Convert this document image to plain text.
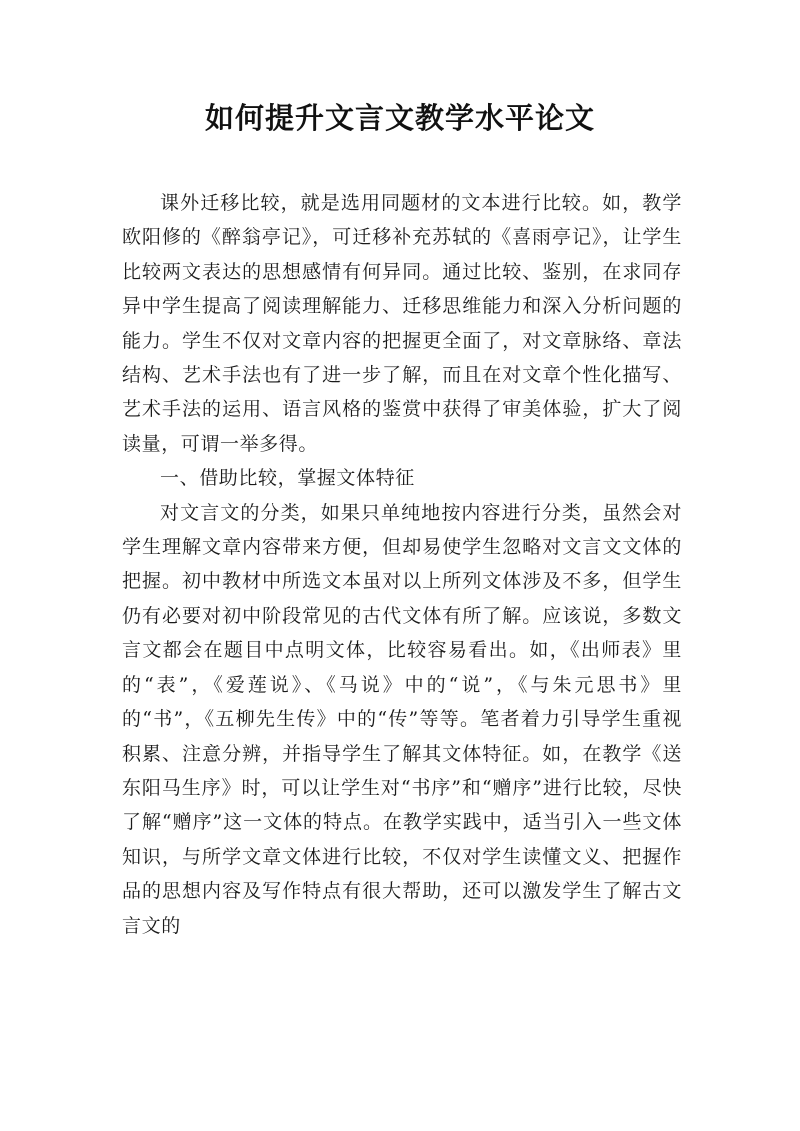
如何提升文言文教学水平论文

课外迁移比较，就是选用同题材的文本进行比较。如，教学欧阳修的《醉翁亭记》，可迁移补充苏轼的《喜雨亭记》，让学生比较两文表达的思想感情有何异同。通过比较、鉴别，在求同存异中学生提高了阅读理解能力、迁移思维能力和深入分析问题的能力。学生不仅对文章内容的把握更全面了，对文章脉络、章法结构、艺术手法也有了进一步了解，而且在对文章个性化描写、艺术手法的运用、语言风格的鉴赏中获得了审美体验，扩大了阅读量，可谓一举多得。

一、借助比较，掌握文体特征

对文言文的分类，如果只单纯地按内容进行分类，虽然会对学生理解文章内容带来方便，但却易使学生忽略对文言文文体的把握。初中教材中所选文本虽对以上所列文体涉及不多，但学生仍有必要对初中阶段常见的古代文体有所了解。应该说，多数文言文都会在题目中点明文体，比较容易看出。如，《出师表》里的“表”，《爱莲说》、《马说》中的“说”，《与朱元思书》里的“书”，《五柳先生传》中的“传”等等。笔者着力引导学生重视积累、注意分辨，并指导学生了解其文体特征。如，在教学《送东阳马生序》时，可以让学生对“书序”和“赠序”进行比较，尽快了解“赠序”这一文体的特点。在教学实践中，适当引入一些文体知识，与所学文章文体进行比较，不仅对学生读懂文义、把握作品的思想内容及写作特点有很大帮助，还可以激发学生了解古文言文的
